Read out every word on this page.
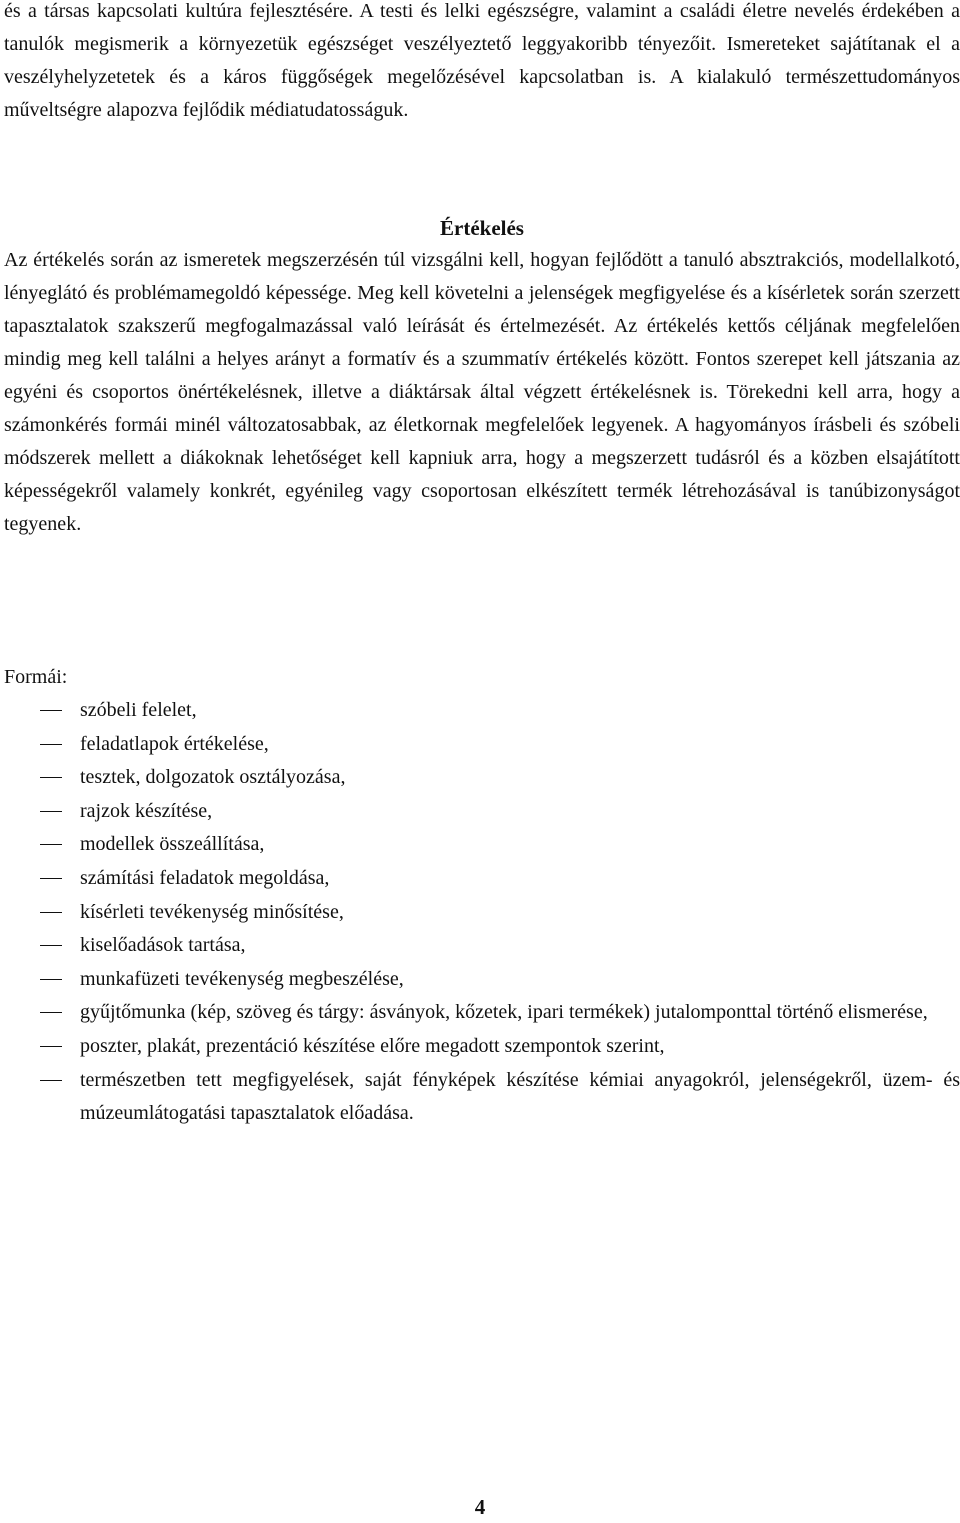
és a társas kapcsolati kultúra fejlesztésére. A testi és lelki egészségre, valamint a családi életre nevelés érdekében a tanulók megismerik a környezetük egészséget veszélyeztető leggyakoribb tényezőit. Ismereteket sajátítanak el a veszélyhelyzetetek és a káros függőségek megelőzésével kapcsolatban is. A kialakuló természettudományos műveltségre alapozva fejlődik médiatudatosságuk.

Értékelés

Az értékelés során az ismeretek megszerzésén túl vizsgálni kell, hogyan fejlődött a tanuló absztrakciós, modellalkotó, lényeglátó és problémamegoldó képessége. Meg kell követelni a jelenségek megfigyelése és a kísérletek során szerzett tapasztalatok szakszerű megfogalmazással való leírását és értelmezését. Az értékelés kettős céljának megfelelően mindig meg kell találni a helyes arányt a formatív és a szummatív értékelés között. Fontos szerepet kell játszania az egyéni és csoportos önértékelésnek, illetve a diáktársak által végzett értékelésnek is. Törekedni kell arra, hogy a számonkérés formái minél változatosabbak, az életkornak megfelelőek legyenek. A hagyományos írásbeli és szóbeli módszerek mellett a diákoknak lehetőséget kell kapniuk arra, hogy a megszerzett tudásról és a közben elsajátított képességekről valamely konkrét, egyénileg vagy csoportosan elkészített termék létrehozásával is tanúbizonyságot tegyenek.

Formái:
szóbeli felelet,
feladatlapok értékelése,
tesztek, dolgozatok osztályozása,
rajzok készítése,
modellek összeállítása,
számítási feladatok megoldása,
kísérleti tevékenység minősítése,
kiselőadások tartása,
munkafüzeti tevékenység megbeszélése,
gyűjtőmunka (kép, szöveg és tárgy: ásványok, kőzetek, ipari termékek) jutalomponttal történő elismerése,
poszter, plakát, prezentáció készítése előre megadott szempontok szerint,
természetben tett megfigyelések, saját fényképek készítése kémiai anyagokról, jelenségekről, üzem- és múzeumlátogatási tapasztalatok előadása.
4
